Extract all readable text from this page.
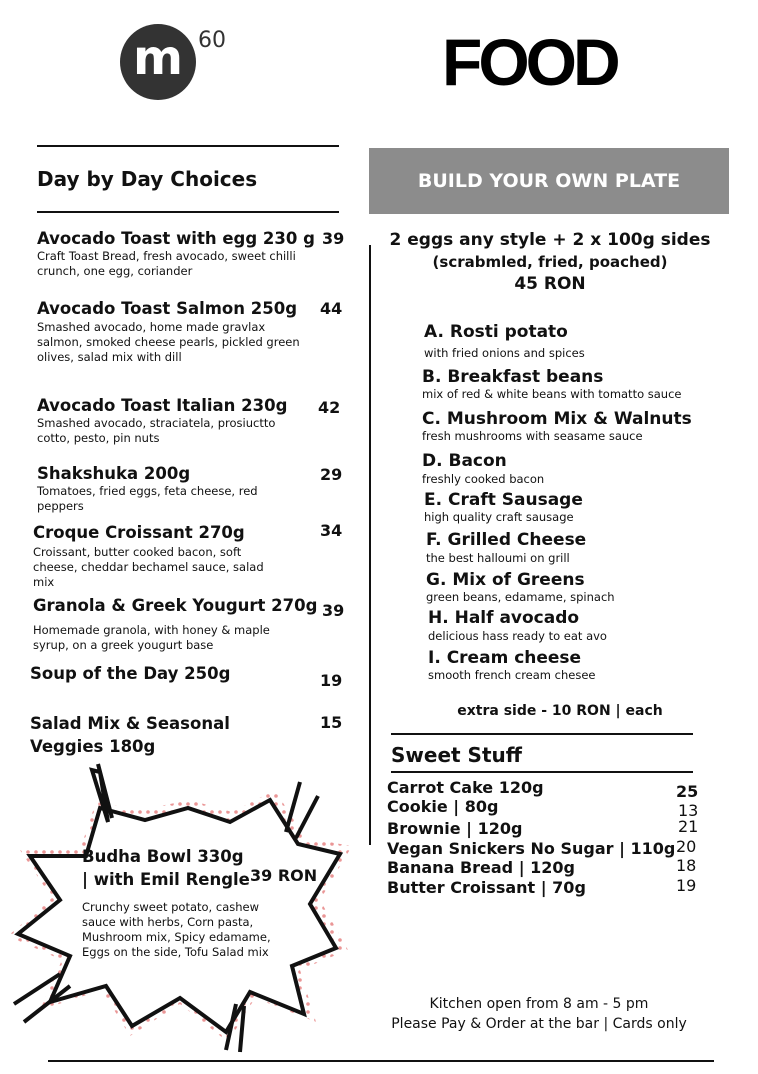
m 60	FOOD
Day by Day Choices
Avocado Toast with egg 230 g 39
Craft Toast Bread, fresh avocado, sweet chilli crunch, one egg, coriander
Avocado Toast Salmon 250g 44
Smashed avocado, home made gravlax salmon, smoked cheese pearls, pickled green olives, salad mix with dill
Avocado Toast Italian 230g 42
Smashed avocado, straciatela, prosiuctto cotto, pesto, pin nuts
Shakshuka 200g	29
Tomatoes, fried eggs, feta cheese, red peppers
Croque Croissant 270g	34
Croissant, butter cooked bacon, soft cheese, cheddar bechamel sauce, salad mix
Granola & Greek Yougurt 270g 39
Homemade granola, with honey & maple syrup, on a greek yougurt base
Soup of the Day 250g	19
Salad Mix & Seasonal Veggies 180g
15
Budha Bowl 330g | with Emil Rengle 39 RON
Crunchy sweet potato, cashew sauce with herbs, Corn pasta, Mushroom mix, Spicy edamame, Eggs on the side, Tofu Salad mix
BUILD YOUR OWN PLATE
2 eggs any style + 2 x 100g sides
(scrabmled, fried, poached)
45 RON
A. Rosti potato
with fried onions and spices
B. Breakfast beans
mix of red & white beans with tomatto sauce
C. Mushroom Mix & Walnuts
fresh mushrooms with seasame sauce
D. Bacon
freshly cooked bacon
E. Craft Sausage
high quality craft sausage
F. Grilled Cheese
the best halloumi on grill
G. Mix of Greens
green beans, edamame, spinach
H. Half avocado
delicious hass ready to eat avo
I. Cream cheese
smooth french cream chesee
extra side - 10 RON | each
Sweet Stuff
Carrot Cake 120g	25
Cookie | 80g	13
Brownie | 120g	21
Vegan Snickers No Sugar | 110g 20
Banana Bread | 120g	18
Butter Croissant | 70g	19
Kitchen open from 8 am - 5 pm
Please Pay & Order at the bar | Cards only
